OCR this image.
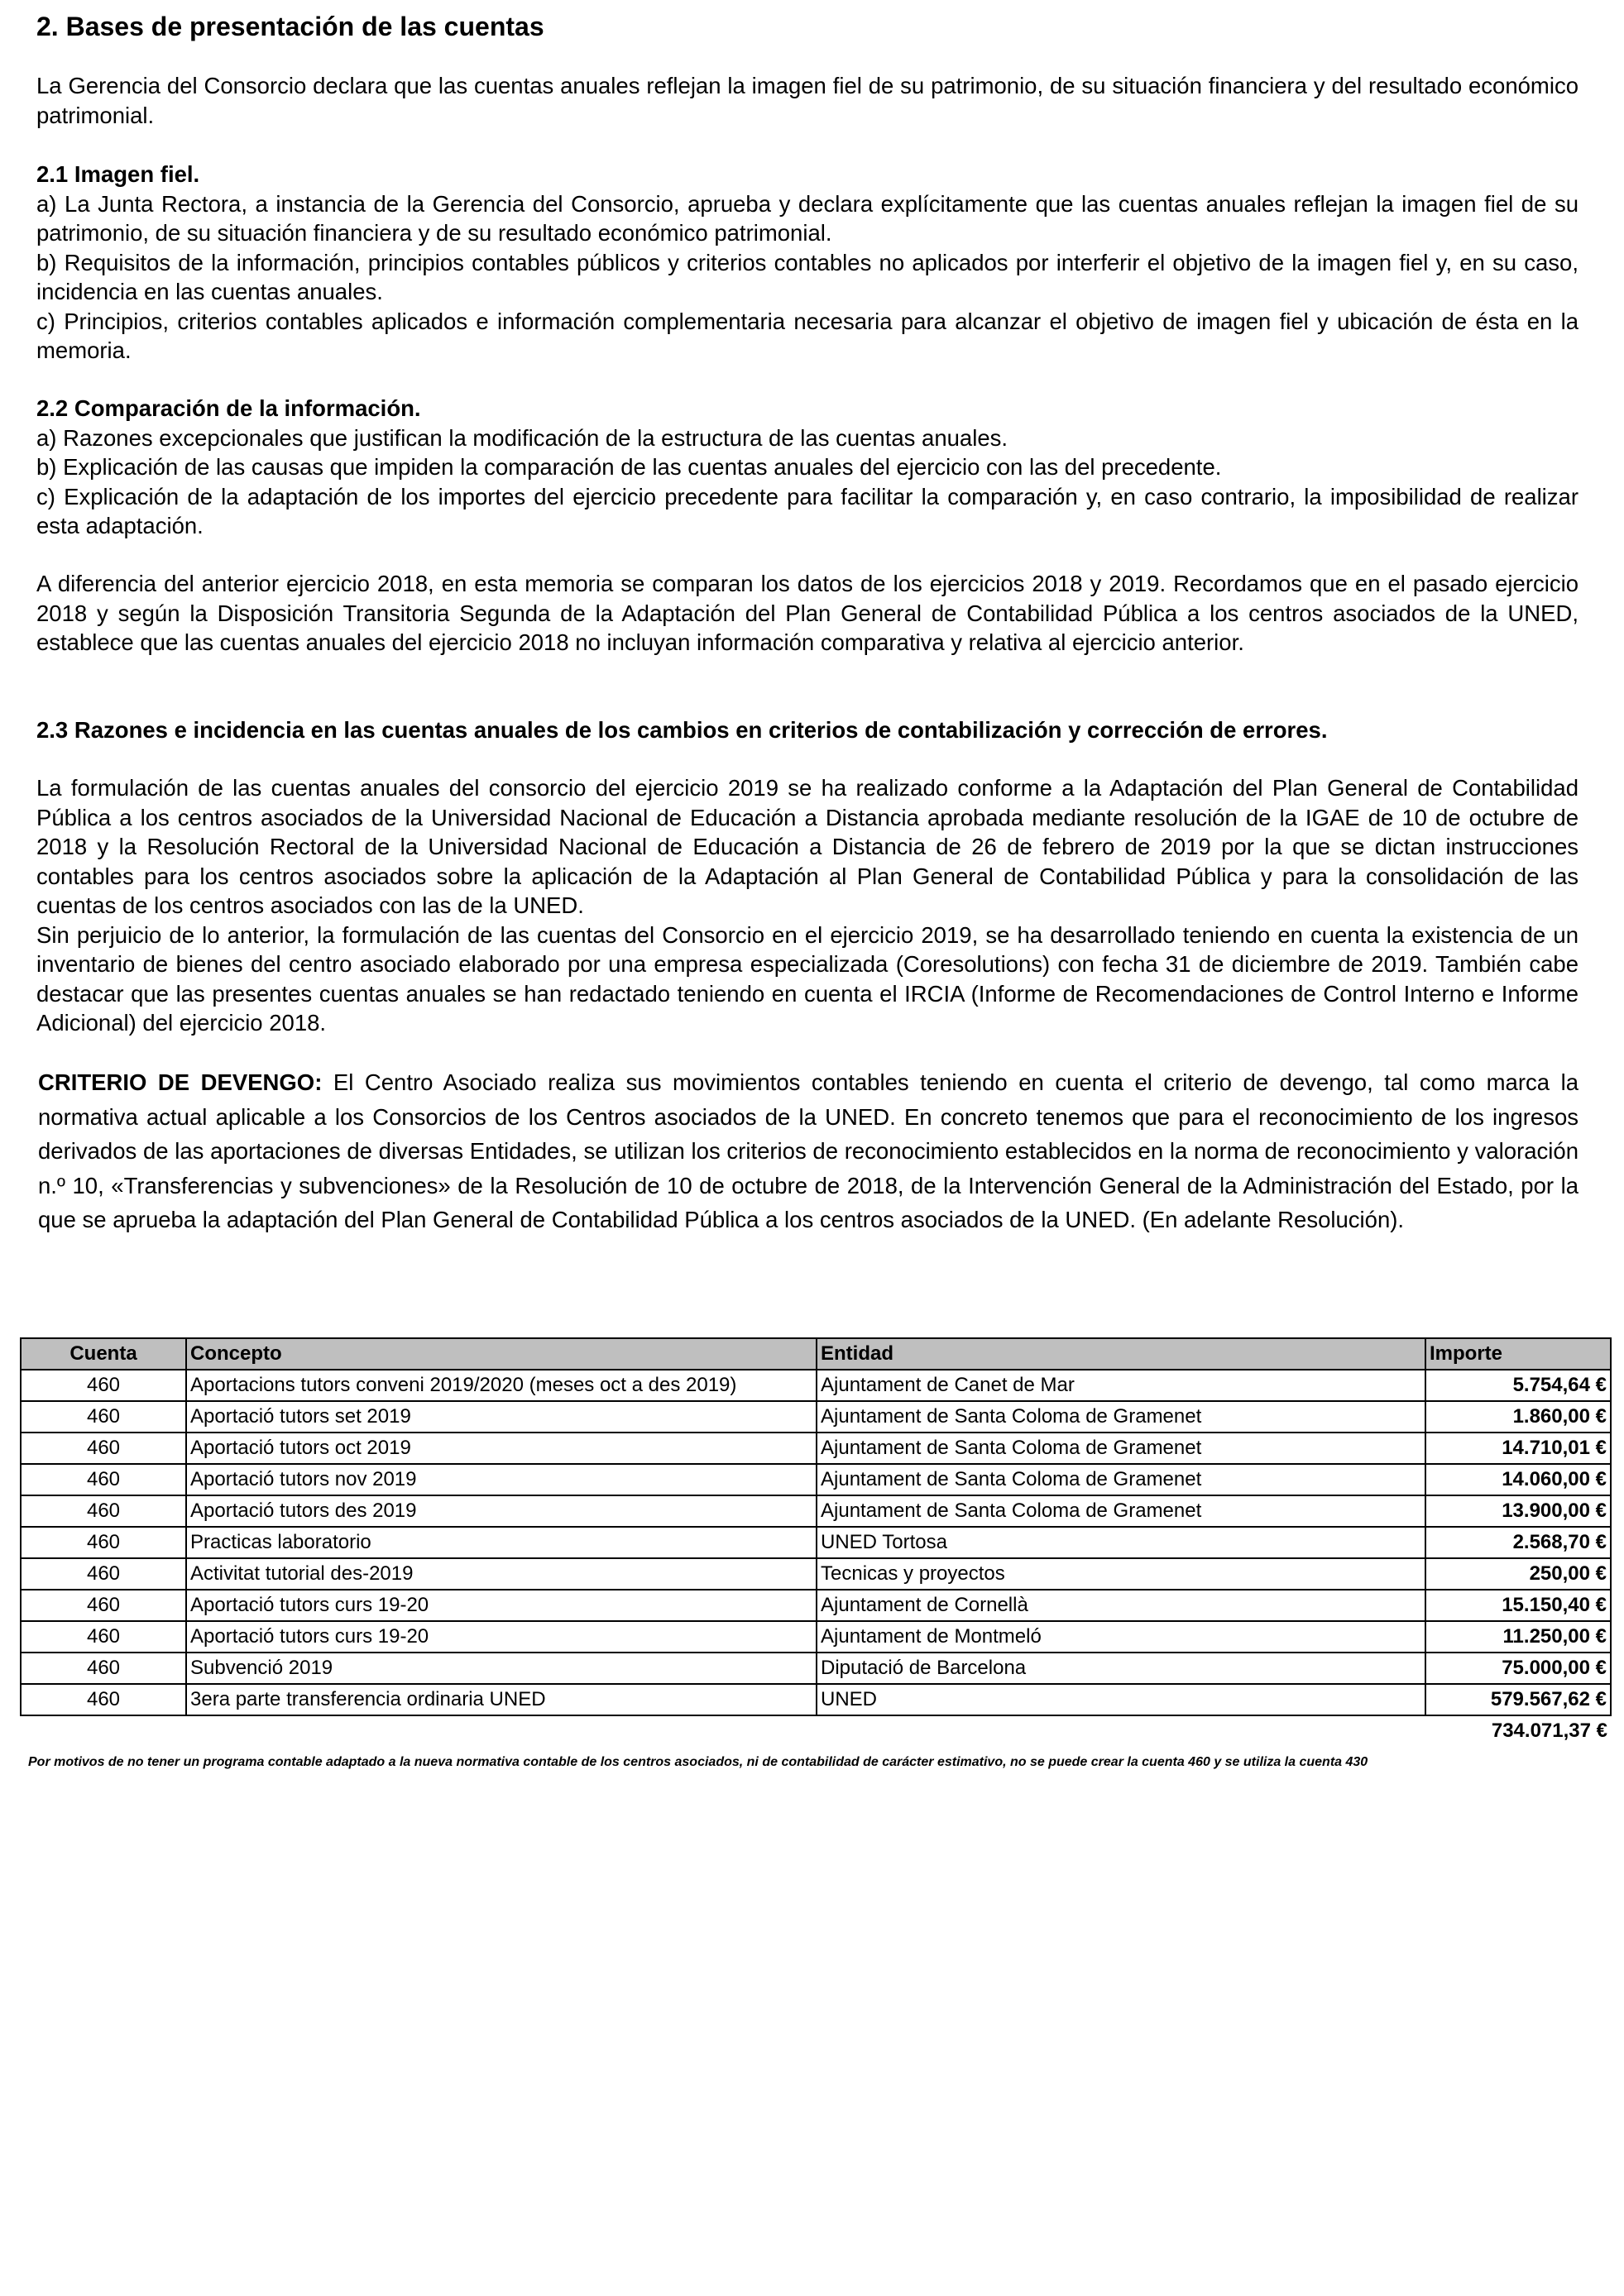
2. Bases de presentación de las cuentas

La Gerencia del Consorcio declara que las cuentas anuales reflejan la imagen fiel de su patrimonio, de su situación financiera y del resultado económico patrimonial.

2.1 Imagen fiel.

a) La Junta Rectora, a instancia de la Gerencia del Consorcio, aprueba y declara explícitamente que las cuentas anuales reflejan la imagen fiel de su patrimonio, de su situación financiera y de su resultado económico patrimonial.

b) Requisitos de la información, principios contables públicos y criterios contables no aplicados por interferir el objetivo de la imagen fiel y, en su caso, incidencia en las cuentas anuales.

c) Principios, criterios contables aplicados e información complementaria necesaria para alcanzar el objetivo de imagen fiel y ubicación de ésta en la memoria.

2.2 Comparación de la información.

a) Razones excepcionales que justifican la modificación de la estructura de las cuentas anuales.

b) Explicación de las causas que impiden la comparación de las cuentas anuales del ejercicio con las del precedente.

c) Explicación de la adaptación de los importes del ejercicio precedente para facilitar la comparación y, en caso contrario, la imposibilidad de realizar esta adaptación.

A diferencia del anterior ejercicio 2018, en esta memoria se comparan los datos de los ejercicios 2018 y 2019. Recordamos que en el pasado ejercicio 2018 y según la Disposición Transitoria Segunda de la Adaptación del Plan General de Contabilidad Pública a los centros asociados de la UNED, establece que las cuentas anuales del ejercicio 2018 no incluyan información comparativa y relativa al ejercicio anterior.

2.3 Razones e incidencia en las cuentas anuales de los cambios en criterios de contabilización y corrección de errores.

La formulación de las cuentas anuales del consorcio del ejercicio 2019 se ha realizado conforme a la Adaptación del Plan General de Contabilidad Pública a los centros asociados de la Universidad Nacional de Educación a Distancia aprobada mediante resolución de la IGAE de 10 de octubre de 2018 y la Resolución Rectoral de la Universidad Nacional de Educación a Distancia de 26 de febrero de 2019 por la que se dictan instrucciones contables para los centros asociados sobre la aplicación de la Adaptación al Plan General de Contabilidad Pública y para la consolidación de las cuentas de los centros asociados con las de la UNED.

Sin perjuicio de lo anterior, la formulación de las cuentas del Consorcio en el ejercicio 2019, se ha desarrollado teniendo en cuenta la existencia de un inventario de bienes del centro asociado elaborado por una empresa especializada (Coresolutions) con fecha 31 de diciembre de 2019. También cabe destacar que las presentes cuentas anuales se han redactado teniendo en cuenta el IRCIA (Informe de Recomendaciones de Control Interno e Informe Adicional) del ejercicio 2018.

CRITERIO DE DEVENGO: El Centro Asociado realiza sus movimientos contables teniendo en cuenta el criterio de devengo, tal como marca la normativa actual aplicable a los Consorcios de los Centros asociados de la UNED. En concreto tenemos que para el reconocimiento de los ingresos derivados de las aportaciones de diversas Entidades, se utilizan los criterios de reconocimiento establecidos en la norma de reconocimiento y valoración n.º 10, «Transferencias y subvenciones» de la Resolución de 10 de octubre de 2018, de la Intervención General de la Administración del Estado, por la que se aprueba la adaptación del Plan General de Contabilidad Pública a los centros asociados de la UNED. (En adelante Resolución).
Cuenta	Concepto	Entidad	Importe
460	Aportacions tutors conveni 2019/2020 (meses oct a des 2019)	Ajuntament de Canet de Mar	5.754,64 €
460	Aportació tutors set 2019	Ajuntament de Santa Coloma de Gramenet	1.860,00 €
460	Aportació tutors oct 2019	Ajuntament de Santa Coloma de Gramenet	14.710,01 €
460	Aportació tutors nov 2019	Ajuntament de Santa Coloma de Gramenet	14.060,00 €
460	Aportació tutors des 2019	Ajuntament de Santa Coloma de Gramenet	13.900,00 €
460	Practicas laboratorio	UNED Tortosa	2.568,70 €
460	Activitat tutorial des-2019	Tecnicas y proyectos	250,00 €
460	Aportació tutors curs 19-20	Ajuntament de Cornellà	15.150,40 €
460	Aportació tutors curs 19-20	Ajuntament de Montmeló	11.250,00 €
460	Subvenció 2019	Diputació de Barcelona	75.000,00 €
460	3era parte transferencia ordinaria UNED	UNED	579.567,62 €
			734.071,37 €
Por motivos de no tener un programa contable adaptado a la nueva normativa contable de los centros asociados, ni de contabilidad de carácter estimativo, no se puede crear la cuenta 460 y se utiliza la cuenta 430
